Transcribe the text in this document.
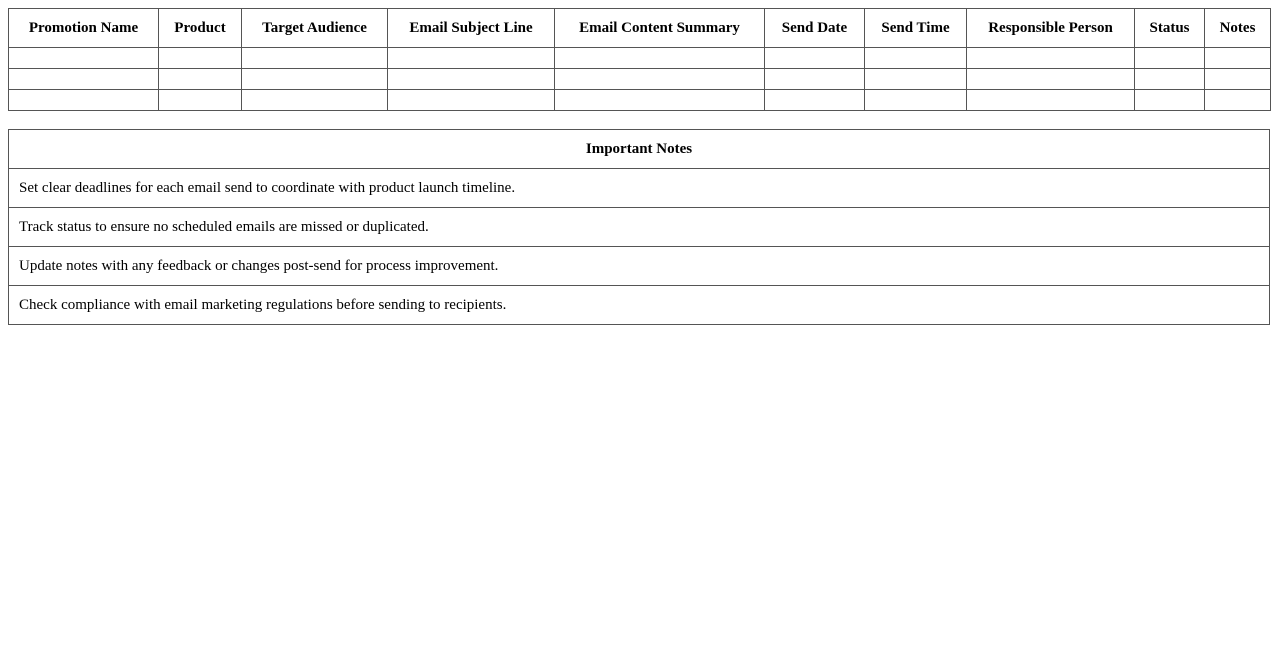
Promotion Name	Product	Target Audience	Email Subject Line	Email Content Summary	Send Date	Send Time	Responsible Person	Status	Notes

Important Notes
Set clear deadlines for each email send to coordinate with product launch timeline.
Track status to ensure no scheduled emails are missed or duplicated.
Update notes with any feedback or changes post-send for process improvement.
Check compliance with email marketing regulations before sending to recipients.
